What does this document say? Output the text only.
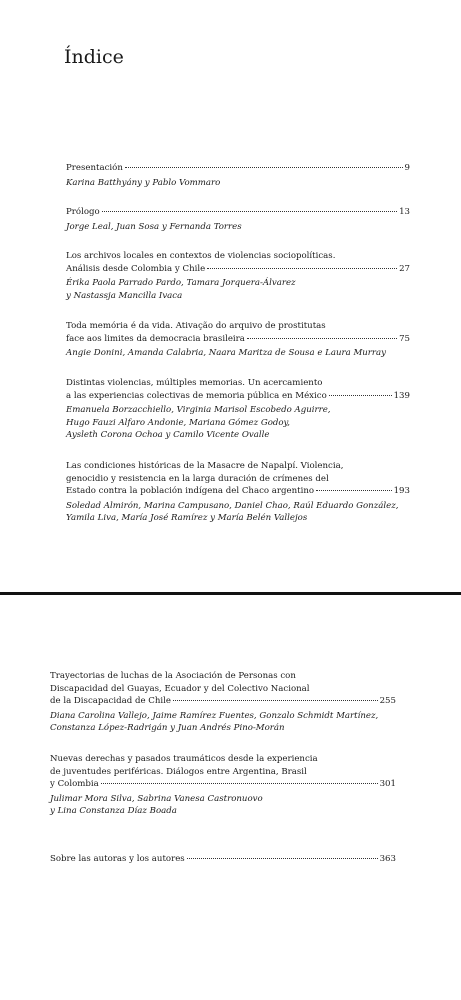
Índice
Presentación	9
Karina Batthyány y Pablo Vommaro
Prólogo	13
Jorge Leal, Juan Sosa y Fernanda Torres
Los archivos locales en contextos de violencias sociopolíticas.
Análisis desde Colombia y Chile	27
Érika Paola Parrado Pardo, Tamara Jorquera-Álvarez
y Nastassja Mancilla Ivaca
Toda memória é da vida. Ativação do arquivo de prostitutas
face aos limites da democracia brasileira	75
Angie Donini, Amanda Calabria, Naara Maritza de Sousa e Laura Murray
Distintas violencias, múltiples memorias. Un acercamiento
a las experiencias colectivas de memoria pública en México	139
Emanuela Borzacchiello, Virginia Marisol Escobedo Aguirre,
Hugo Fauzi Alfaro Andonie, Mariana Gómez Godoy,
Aysleth Corona Ochoa y Camilo Vicente Ovalle
Las condiciones históricas de la Masacre de Napalpí. Violencia,
genocidio y resistencia en la larga duración de crímenes del
Estado contra la población indígena del Chaco argentino	193
Soledad Almirón, Marina Campusano, Daniel Chao, Raúl Eduardo González,
Yamila Liva, María José Ramírez y María Belén Vallejos
Trayectorias de luchas de la Asociación de Personas con
Discapacidad del Guayas, Ecuador y del Colectivo Nacional
de la Discapacidad de Chile	255
Diana Carolina Vallejo, Jaime Ramírez Fuentes, Gonzalo Schmidt Martínez,
Constanza López-Radrigán y Juan Andrés Pino-Morán
Nuevas derechas y pasados traumáticos desde la experiencia
de juventudes periféricas. Diálogos entre Argentina, Brasil
y Colombia	301
Julimar Mora Silva, Sabrina Vanesa Castronuovo
y Lina Constanza Díaz Boada
Sobre las autoras y los autores	363
